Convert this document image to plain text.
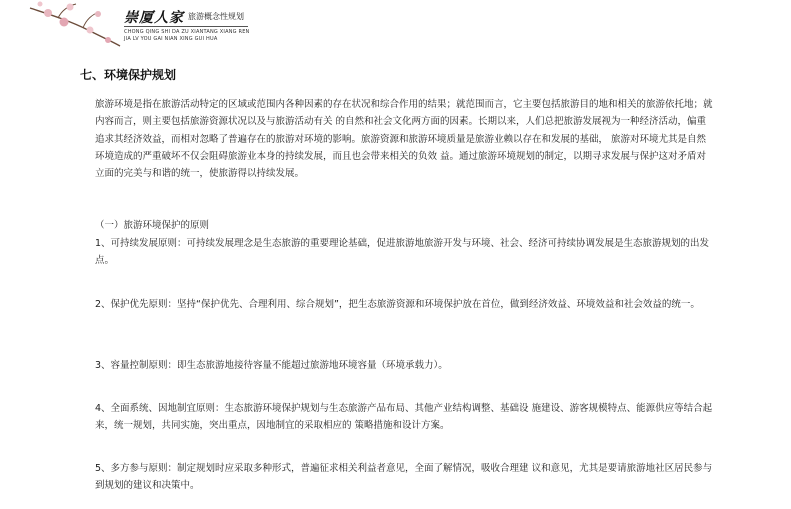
崇厦人家 旅游概念性规划
CHONG QING SHI DA ZU XIANTANG XIANG REN
JIA LV YOU GAI NIAN XING GUI HUA
七、环境保护规划

旅游环境是指在旅游活动特定的区域或范围内各种因素的存在状况和综合作用的结果；就范围而言，它主要包括旅游目的地和相关的旅游依托地；就内容而言，则主要包括旅游资源状况以及与旅游活动有关 的自然和社会文化两方面的因素。长期以来，人们总把旅游发展视为一种经济活动，偏重追求其经济效益，而相对忽略了普遍存在的旅游对环境的影响。旅游资源和旅游环境质量是旅游业赖以存在和发展的基础， 旅游对环境尤其是自然环境造成的严重破坏不仅会阻碍旅游业本身的持续发展，而且也会带来相关的负效 益。通过旅游环境规划的制定，以期寻求发展与保护这对矛盾对立面的完美与和谐的统一，使旅游得以持续发展。

（一）旅游环境保护的原则

1、可持续发展原则：可持续发展理念是生态旅游的重要理论基础，促进旅游地旅游开发与环境、社会、经济可持续协调发展是生态旅游规划的出发点。

2、保护优先原则：坚持“保护优先、合理利用、综合规划”，把生态旅游资源和环境保护放在首位，做到经济效益、环境效益和社会效益的统一。

3、容量控制原则：即生态旅游地接待容量不能超过旅游地环境容量（环境承载力）。

4、全面系统、因地制宜原则：生态旅游环境保护规划与生态旅游产品布局、其他产业结构调整、基础设 施建设、游客规模特点、能源供应等结合起来，统一规划，共同实施，突出重点，因地制宜的采取相应的 策略措施和设计方案。

5、多方参与原则：制定规划时应采取多种形式，普遍征求相关利益者意见，全面了解情况，吸收合理建 议和意见，尤其是要请旅游地社区居民参与到规划的建议和决策中。
